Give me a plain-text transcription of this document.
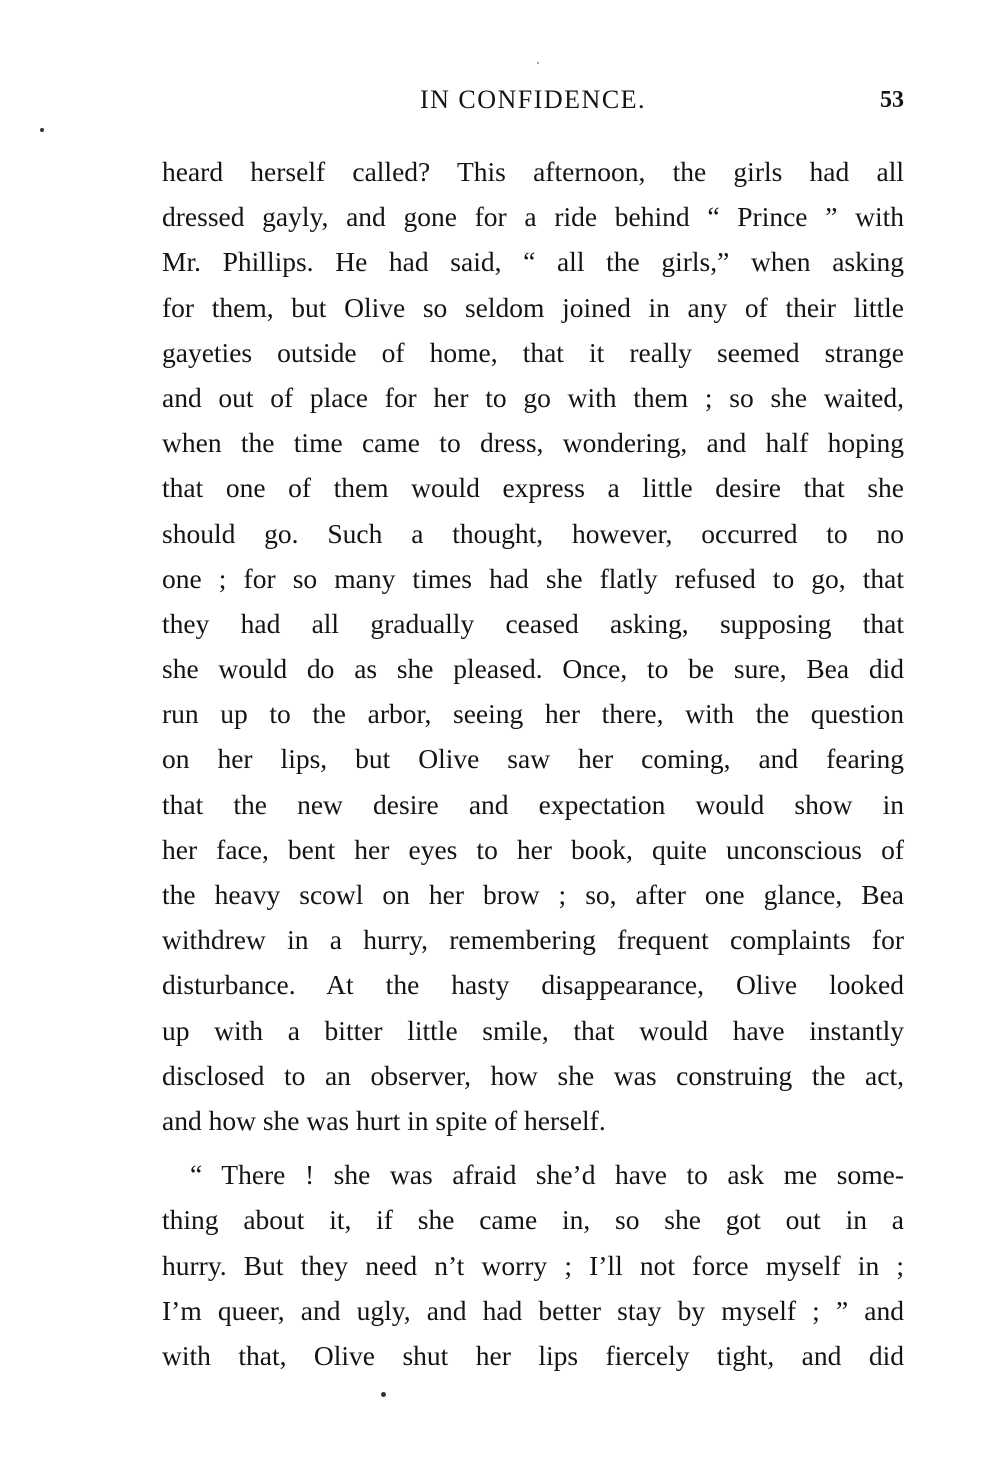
IN CONFIDENCE.	53
heard herself called? This afternoon, the girls had all
dressed gayly, and gone for a ride behind “ Prince ” with
Mr. Phillips. He had said, “ all the girls,” when asking
for them, but Olive so seldom joined in any of their little
gayeties outside of home, that it really seemed strange
and out of place for her to go with them ; so she waited,
when the time came to dress, wondering, and half hoping
that one of them would express a little desire that she
should go. Such a thought, however, occurred to no
one ; for so many times had she flatly refused to go, that
they had all gradually ceased asking, supposing that
she would do as she pleased. Once, to be sure, Bea did
run up to the arbor, seeing her there, with the question
on her lips, but Olive saw her coming, and fearing
that the new desire and expectation would show in
her face, bent her eyes to her book, quite unconscious of
the heavy scowl on her brow ; so, after one glance, Bea
withdrew in a hurry, remembering frequent complaints for
disturbance. At the hasty disappearance, Olive looked
up with a bitter little smile, that would have instantly
disclosed to an observer, how she was construing the act,
and how she was hurt in spite of herself.
“ There ! she was afraid she’d have to ask me some-
thing about it, if she came in, so she got out in a
hurry. But they need n’t worry ; I’ll not force myself in ;
I’m queer, and ugly, and had better stay by myself ; ” and
with that, Olive shut her lips fiercely tight, and did
